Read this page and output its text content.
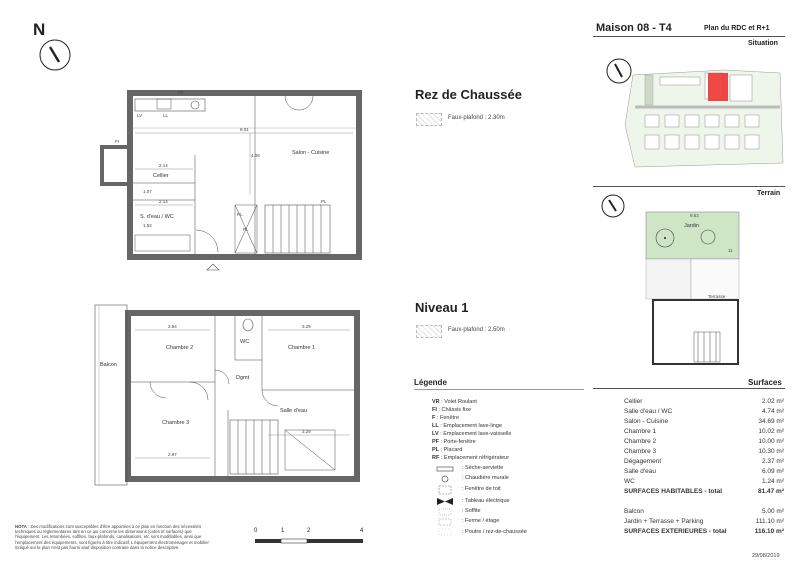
N
Salon - Cuisine
Cellier
S. d'eau / WC
8.01
2.14
2.14
4.06
1.07
1.52
VR
LV	LL
FI
PL
PL
PL
Chambre 2
WC
Chambre 1
Dgmt
Balcon
Chambre 3
Salle d'eau
2.94	3.29
2.97
3.29
Rez de Chaussée
Faux-plafond : 2.30m
Niveau 1
Faux-plafond : 2.50m
Légende
VR : Volet Roulant
FI : Châssis fixe
F : Fenêtre
LL : Emplacement lave-linge
LV : Emplacement lave-vaisselle
PF : Porte-fenêtre
PL : Placard
RF : Emplacement réfrigérateur
: Sèche-serviette
: Chaudière murale
: Fenêtre de toit
: Tableau électrique
: Soffite
: Ferme / étage
: Poutre / rez-de-chaussée
Maison 08 - T4	Plan du RDC et R+1
Situation
Terrain
Jardin
Terrasse
9.53
11
Surfaces
Cellier	2.02 m²
Salle d'eau / WC	4.74 m²
Salon - Cuisine	34.69 m²
Chambre 1	10.02 m²
Chambre 2	10.00 m²
Chambre 3	10.30 m²
Dégagement	2.37 m²
Salle d'eau	6.09 m²
WC	1.24 m²
SURFACES HABITABLES - total	81.47 m²
Balcon	5.00 m²
Jardin + Terrasse + Parking	111.10 m²
SURFACES EXTERIEURES - total	116.10 m²
29/08/2019
NOTA : Des modifications sont susceptibles d'être apportées à ce plan en fonction des nécessités techniques ou réglementaires tant en ce qui concerne les dimensions (cotes et surfaces) que l'équipement. Les retombées, soffites, faux-plafonds, canalisations, etc sont modifiables, ainsi que l'emplacement des équipements, sont figurés à titre indicatif. L'équipement électroménager et mobilier indiqué sur le plan n'est pas fourni sauf disposition contraire dans la notice descriptive.
0	1	2	4
